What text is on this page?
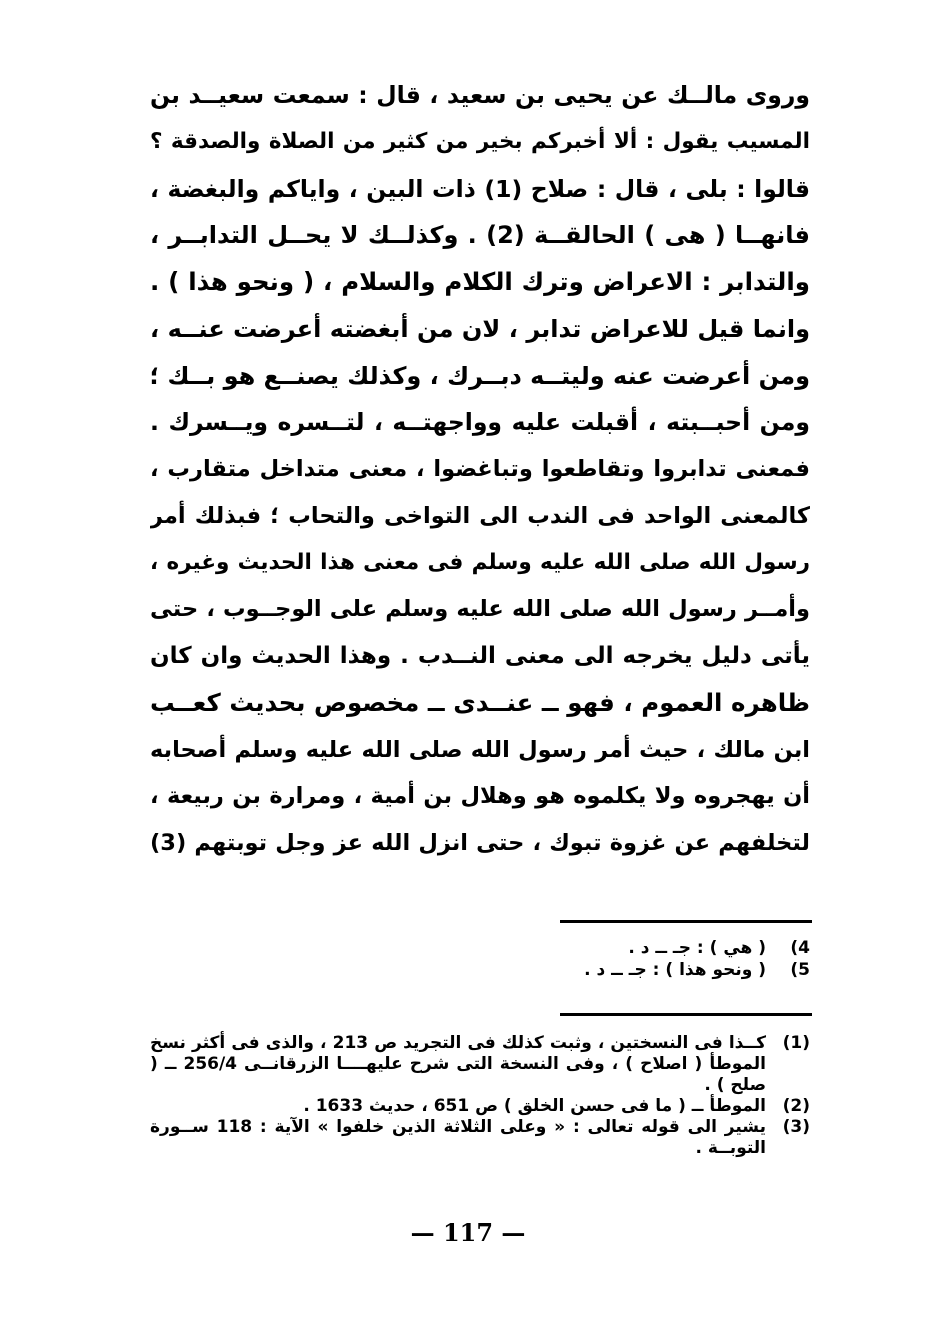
وروى مالــك عن يحيى بن سعيد ، قال : سمعت سعيــد بن
المسيب يقول : ألا أخبركم بخير من كثير من الصلاة والصدقة ؟
قالوا : بلى ، قال : صلاح (1) ذات البين ، واياكم والبغضة ،
فانهــا ( هى ) الحالقــة (2) . وكذلــك لا يحــل التدابــر ،
والتدابر : الاعراض وترك الكلام والسلام ، ( ونحو هذا ) .
وانما قيل للاعراض تدابر ، لان من أبغضته أعرضت عنــه ،
ومن أعرضت عنه وليتــه دبــرك ، وكذلك يصنــع هو بــك ؛
ومن أحبــبته ، أقبلت عليه وواجهتــه ، لتــسره ويــسرك .
فمعنى تدابروا وتقاطعوا وتباغضوا ، معنى متداخل متقارب ،
كالمعنى الواحد فى الندب الى التواخى والتحاب ؛ فبذلك أمر
رسول الله صلى الله عليه وسلم فى معنى هذا الحديث وغيره ،
وأمــر رسول الله صلى الله عليه وسلم على الوجــوب ، حتى
يأتى دليل يخرجه الى معنى النــدب . وهذا الحديث وان كان
ظاهره العموم ، فهو ــ عنــدى ــ مخصوص بحديث كعــب
ابن مالك ، حيث أمر رسول الله صلى الله عليه وسلم أصحابه
أن يهجروه ولا يكلموه هو وهلال بن أمية ، ومرارة بن ربيعة ،
لتخلفهم عن غزوة تبوك ، حتى انزل الله عز وجل توبتهم (3)
4)
( هي ) : جـ ــ د .
5)
( ونحو هذا ) : جـ ــ د .
(1)
كــذا فى النسختين ، وثبت كذلك فى التجريد ص 213 ، والذى فى أكثر نسخ الموطأ ( اصلاح ) ، وفى النسخة التى شرح عليهــــا الزرقانــى 256/4 ــ ( صلح ) .
(2)
الموطأ ــ ( ما فى حسن الخلق ) ص 651 ، حديث 1633 .
(3)
يشير الى قوله تعالى : « وعلى الثلاثة الذين خلفوا » الآية : 118 ســورة التوبــة .
— 117 —
